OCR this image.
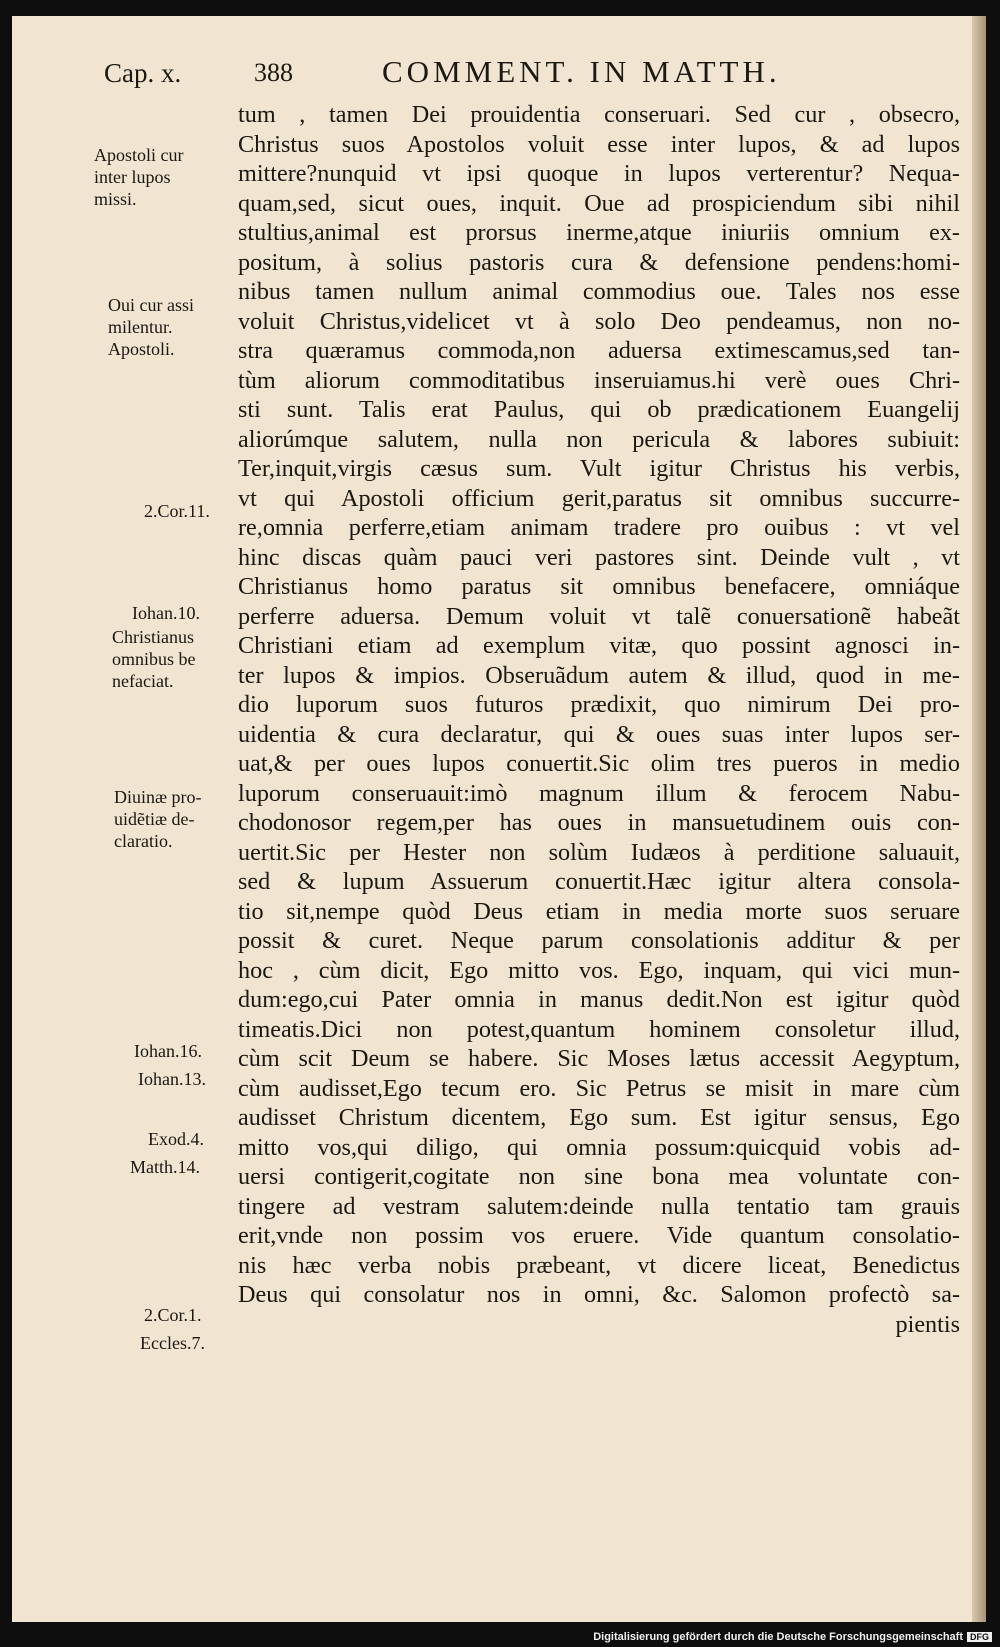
Cap. x.	388	COMMENT. IN MATTH.
tum , tamen Dei prouidentia conseruari. Sed cur , obsecro,
Christus suos Apostolos voluit esse inter lupos, & ad lupos
mittere?nunquid vt ipsi quoque in lupos verterentur? Nequa-
quam,sed, sicut oues, inquit. Oue ad prospiciendum sibi nihil
stultius,animal est prorsus inerme,atque iniuriis omnium ex-
positum, à solius pastoris cura & defensione pendens:homi-
nibus tamen nullum animal commodius oue. Tales nos esse
voluit Christus,videlicet vt à solo Deo pendeamus, non no-
stra quæramus commoda,non aduersa extimescamus,sed tan-
tùm aliorum commoditatibus inseruiamus.hi verè oues Chri-
sti sunt. Talis erat Paulus, qui ob prædicationem Euangelij
aliorúmque salutem, nulla non pericula & labores subiuit:
Ter,inquit,virgis cæsus sum. Vult igitur Christus his verbis,
vt qui Apostoli officium gerit,paratus sit omnibus succurre-
re,omnia perferre,etiam animam tradere pro ouibus : vt vel
hinc discas quàm pauci veri pastores sint. Deinde vult , vt
Christianus homo paratus sit omnibus benefacere, omniáque
perferre aduersa. Demum voluit vt talẽ conuersationẽ habeãt
Christiani etiam ad exemplum vitæ, quo possint agnosci in-
ter lupos & impios. Obseruãdum autem & illud, quod in me-
dio luporum suos futuros prædixit, quo nimirum Dei pro-
uidentia & cura declaratur, qui & oues suas inter lupos ser-
uat,& per oues lupos conuertit.Sic olim tres pueros in medio
luporum conseruauit:imò magnum illum & ferocem Nabu-
chodonosor regem,per has oues in mansuetudinem ouis con-
uertit.Sic per Hester non solùm Iudæos à perditione saluauit,
sed & lupum Assuerum conuertit.Hæc igitur altera consola-
tio sit,nempe quòd Deus etiam in media morte suos seruare
possit & curet. Neque parum consolationis additur & per
hoc , cùm dicit, Ego mitto vos. Ego, inquam, qui vici mun-
dum:ego,cui Pater omnia in manus dedit.Non est igitur quòd
timeatis.Dici non potest,quantum hominem consoletur illud,
cùm scit Deum se habere. Sic Moses lætus accessit Aegyptum,
cùm audisset,Ego tecum ero. Sic Petrus se misit in mare cùm
audisset Christum dicentem, Ego sum. Est igitur sensus, Ego
mitto vos,qui diligo, qui omnia possum:quicquid vobis ad-
uersi contigerit,cogitate non sine bona mea voluntate con-
tingere ad vestram salutem:deinde nulla tentatio tam grauis
erit,vnde non possim vos eruere. Vide quantum consolatio-
nis hæc verba nobis præbeant, vt dicere liceat, Benedictus
Deus qui consolatur nos in omni, &c. Salomon profectò sa-
pientis
Apostoli cur
inter lupos
missi.
Oui cur assi
milentur.
Apostoli.
2.Cor.11.
Iohan.10.
Christianus
omnibus be
nefaciat.
Diuinæ pro-
uidẽtiæ de-
claratio.
Iohan.16.
Iohan.13.
Exod.4.
Matth.14.
2.Cor.1.
Eccles.7.
Digitalisierung gefördert durch die Deutsche Forschungsgemeinschaft DFG
